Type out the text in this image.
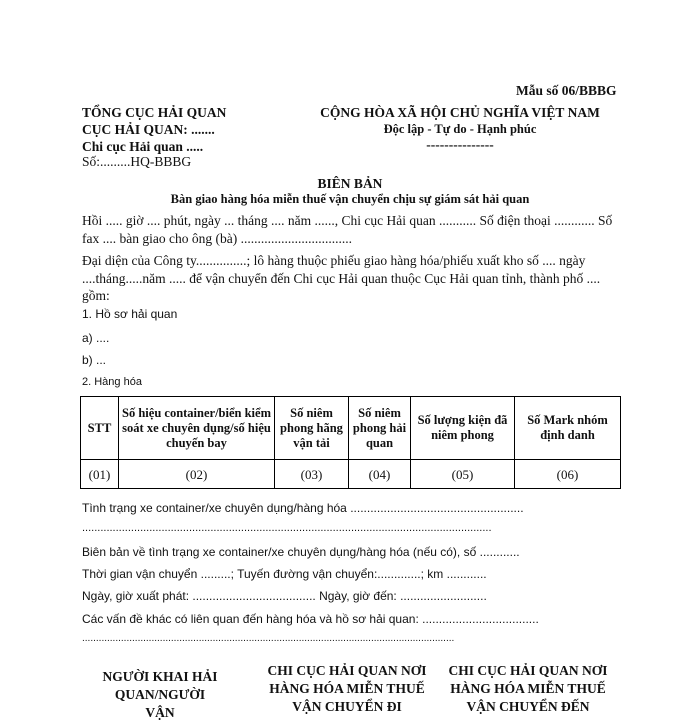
Mẫu số 06/BBBG
TỔNG CỤC HẢI QUAN
CỤC HẢI QUAN: .......
Chi cục Hải quan .....
Số:.........HQ-BBBG
CỘNG HÒA XÃ HỘI CHỦ NGHĨA VIỆT NAM
Độc lập - Tự do - Hạnh phúc
---------------
BIÊN BẢN
Bàn giao hàng hóa miễn thuế vận chuyển chịu sự giám sát hải quan
Hồi ..... giờ .... phút, ngày ... tháng .... năm ......, Chi cục Hải quan ........... Số điện thoại ............ Số fax .... bàn giao cho ông (bà) .................................
Đại diện của Công ty...............; lô hàng thuộc phiếu giao hàng hóa/phiếu xuất kho số .... ngày ....tháng.....năm ..... để vận chuyển đến Chi cục Hải quan thuộc Cục Hải quan tỉnh, thành phố .... gồm:
1. Hồ sơ hải quan
a) ....
b) ...
2. Hàng hóa
STT	Số hiệu container/biển kiểm soát xe chuyên dụng/số hiệu chuyến bay	Số niêm phong hãng vận tải	Số niêm phong hải quan	Số lượng kiện đã niêm phong	Số Mark nhóm định danh
(01)	(02)	(03)	(04)	(05)	(06)
Tình trạng xe container/xe chuyên dụng/hàng hóa ....................................................
......................................................................................................................................
Biên bản về tình trạng xe container/xe chuyên dụng/hàng hóa (nếu có), số ............
Thời gian vận chuyển .........; Tuyến đường vận chuyển:.............; km ............
Ngày, giờ xuất phát: ..................................... Ngày, giờ đến: ..........................
Các vấn đề khác có liên quan đến hàng hóa và hồ sơ hải quan: ...................................
......................................................................................................................................
NGƯỜI KHAI HẢI QUAN/NGƯỜI VẬN
CHI CỤC HẢI QUAN NƠI HÀNG HÓA MIỄN THUẾ VẬN CHUYỂN ĐI
CHI CỤC HẢI QUAN NƠI HÀNG HÓA MIỄN THUẾ VẬN CHUYỂN ĐẾN
